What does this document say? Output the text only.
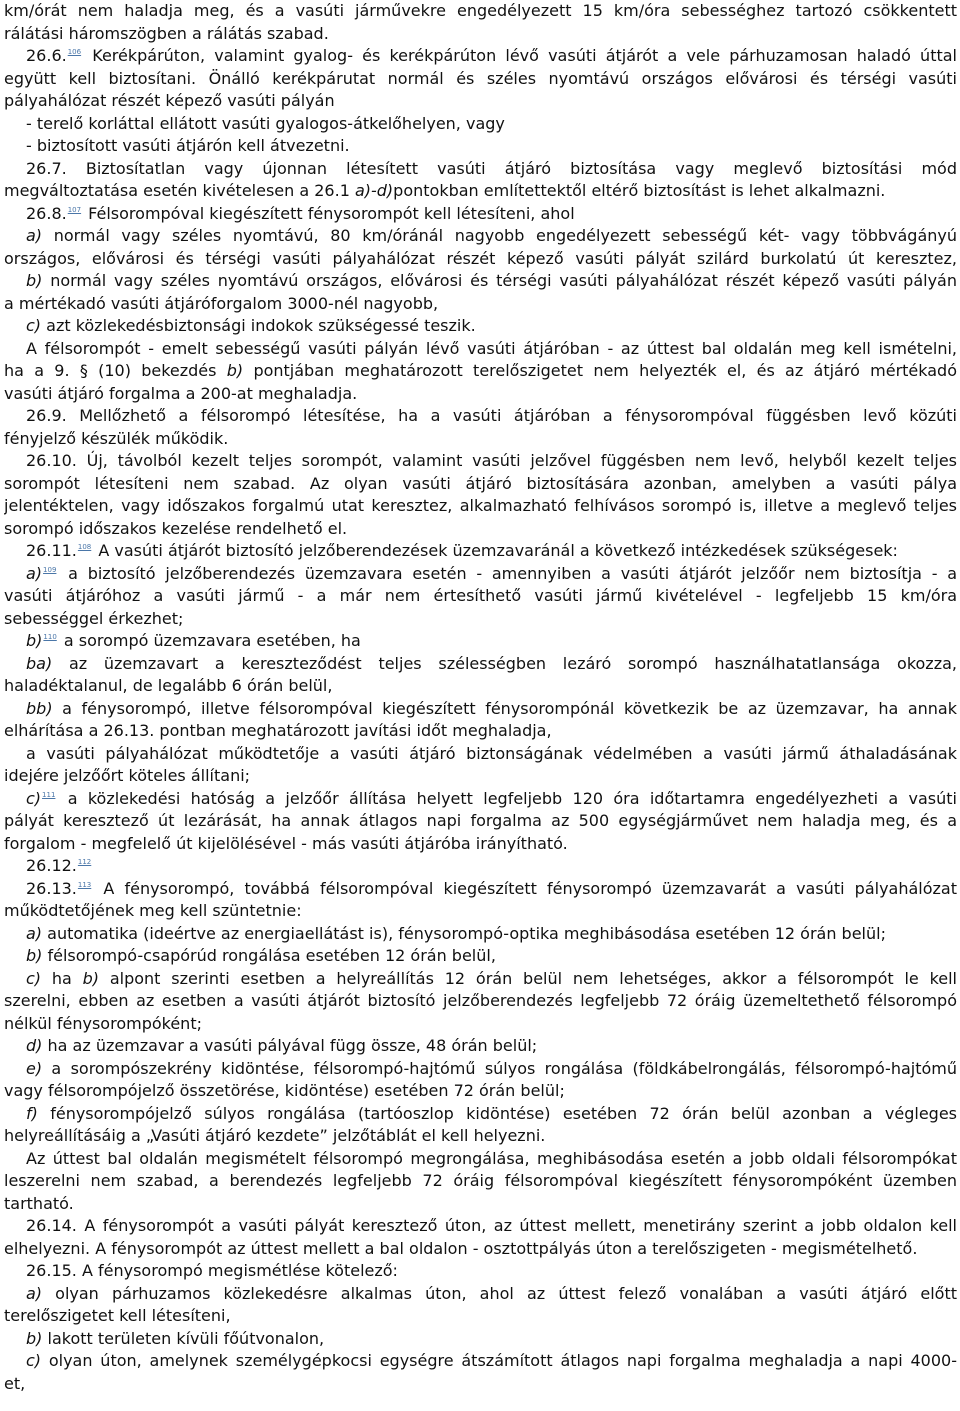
km/órát nem haladja meg, és a vasúti járművekre engedélyezett 15 km/óra sebességhez tartozó csökkentett
rálátási háromszögben a rálátás szabad.
26.6.$^{106}$ Kerékpárúton, valamint gyalog- és kerékpárúton lévő vasúti átjárót a vele párhuzamosan haladó úttal
együtt kell biztosítani. Önálló kerékpárutat normál és széles nyomtávú országos elővárosi és térségi vasúti
pályahálózat részét képező vasúti pályán
- terelő korláttal ellátott vasúti gyalogos-átkelőhelyen, vagy
- biztosított vasúti átjárón kell átvezetni.
26.7. Biztosítatlan vagy újonnan létesített vasúti átjáró biztosítása vagy meglevő biztosítási mód
megváltoztatása esetén kivételesen a 26.1 a)-d)pontokban említettektől eltérő biztosítást is lehet alkalmazni.
26.8.$^{107}$ Félsorompóval kiegészített fénysorompót kell létesíteni, ahol
a) normál vagy széles nyomtávú, 80 km/óránál nagyobb engedélyezett sebességű két- vagy többvágányú
országos, elővárosi és térségi vasúti pályahálózat részét képező vasúti pályát szilárd burkolatú út keresztez,
b) normál vagy széles nyomtávú országos, elővárosi és térségi vasúti pályahálózat részét képező vasúti pályán
a mértékadó vasúti átjáróforgalom 3000-nél nagyobb,
c) azt közlekedésbiztonsági indokok szükségessé teszik.
A félsorompót - emelt sebességű vasúti pályán lévő vasúti átjáróban - az úttest bal oldalán meg kell ismételni,
ha a 9. § (10) bekezdés b) pontjában meghatározott terelőszigetet nem helyezték el, és az átjáró mértékadó
vasúti átjáró forgalma a 200-at meghaladja.
26.9. Mellőzhető a félsorompó létesítése, ha a vasúti átjáróban a fénysorompóval függésben levő közúti
fényjelző készülék működik.
26.10. Új, távolból kezelt teljes sorompót, valamint vasúti jelzővel függésben nem levő, helyből kezelt teljes
sorompót létesíteni nem szabad. Az olyan vasúti átjáró biztosítására azonban, amelyben a vasúti pálya
jelentéktelen, vagy időszakos forgalmú utat keresztez, alkalmazható felhívásos sorompó is, illetve a meglevő teljes
sorompó időszakos kezelése rendelhető el.
26.11.$^{108}$ A vasúti átjárót biztosító jelzőberendezések üzemzavaránál a következő intézkedések szükségesek:
a)$^{109}$ a biztosító jelzőberendezés üzemzavara esetén - amennyiben a vasúti átjárót jelzőőr nem biztosítja - a
vasúti átjáróhoz a vasúti jármű - a már nem értesíthető vasúti jármű kivételével - legfeljebb 15 km/óra
sebességgel érkezhet;
b)$^{110}$ a sorompó üzemzavara esetében, ha
ba) az üzemzavart a kereszteződést teljes szélességben lezáró sorompó használhatatlansága okozza,
haladéktalanul, de legalább 6 órán belül,
bb) a fénysorompó, illetve félsorompóval kiegészített fénysorompónál következik be az üzemzavar, ha annak
elhárítása a 26.13. pontban meghatározott javítási időt meghaladja,
a vasúti pályahálózat működtetője a vasúti átjáró biztonságának védelmében a vasúti jármű áthaladásának
idejére jelzőőrt köteles állítani;
c)$^{111}$ a közlekedési hatóság a jelzőőr állítása helyett legfeljebb 120 óra időtartamra engedélyezheti a vasúti
pályát keresztező út lezárását, ha annak átlagos napi forgalma az 500 egységjárművet nem haladja meg, és a
forgalom - megfelelő út kijelölésével - más vasúti átjáróba irányítható.
26.12.$^{112}$
26.13.$^{113}$ A fénysorompó, továbbá félsorompóval kiegészített fénysorompó üzemzavarát a vasúti pályahálózat
működtetőjének meg kell szüntetnie:
a) automatika (ideértve az energiaellátást is), fénysorompó-optika meghibásodása esetében 12 órán belül;
b) félsorompó-csapórúd rongálása esetében 12 órán belül,
c) ha b) alpont szerinti esetben a helyreállítás 12 órán belül nem lehetséges, akkor a félsorompót le kell
szerelni, ebben az esetben a vasúti átjárót biztosító jelzőberendezés legfeljebb 72 óráig üzemeltethető félsorompó
nélkül fénysorompóként;
d) ha az üzemzavar a vasúti pályával függ össze, 48 órán belül;
e) a sorompószekrény kidöntése, félsorompó-hajtómű súlyos rongálása (földkábelrongálás, félsorompó-hajtómű
vagy félsorompójelző összetörése, kidöntése) esetében 72 órán belül;
f) fénysorompójelző súlyos rongálása (tartóoszlop kidöntése) esetében 72 órán belül azonban a végleges
helyreállításáig a „Vasúti átjáró kezdete” jelzőtáblát el kell helyezni.
Az úttest bal oldalán megismételt félsorompó megrongálása, meghibásodása esetén a jobb oldali félsorompókat
leszerelni nem szabad, a berendezés legfeljebb 72 óráig félsorompóval kiegészített fénysorompóként üzemben
tartható.
26.14. A fénysorompót a vasúti pályát keresztező úton, az úttest mellett, menetirány szerint a jobb oldalon kell
elhelyezni. A fénysorompót az úttest mellett a bal oldalon - osztottpályás úton a terelőszigeten - megismételhető.
26.15. A fénysorompó megismétlése kötelező:
a) olyan párhuzamos közlekedésre alkalmas úton, ahol az úttest felező vonalában a vasúti átjáró előtt
terelőszigetet kell létesíteni,
b) lakott területen kívüli főútvonalon,
c) olyan úton, amelynek személygépkocsi egységre átszámított átlagos napi forgalma meghaladja a napi 4000-
et,
